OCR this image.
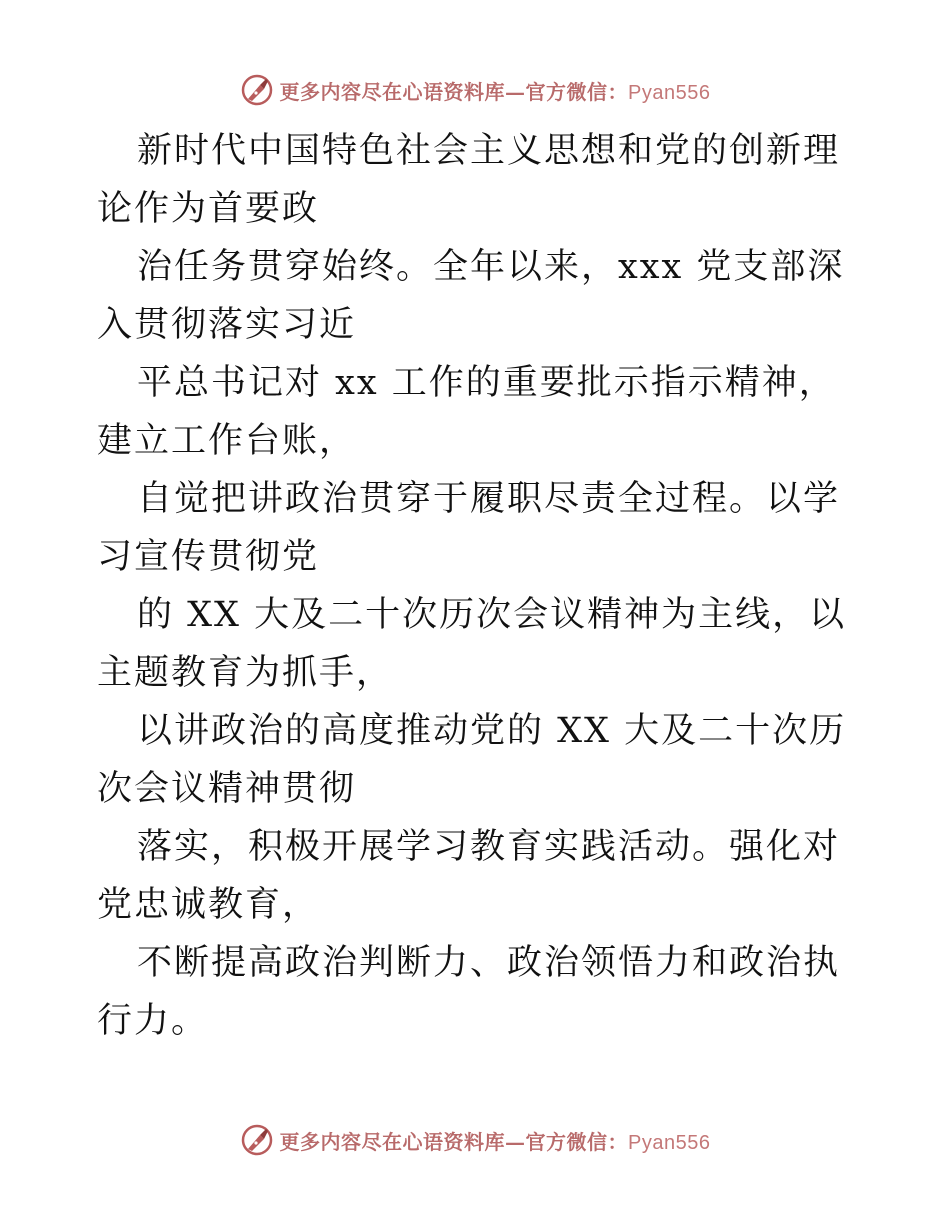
更多内容尽在心语资料库—官方微信：Pyan556

新时代中国特色社会主义思想和党的创新理论作为首要政

治任务贯穿始终。全年以来，xxx 党支部深入贯彻落实习近

平总书记对 xx 工作的重要批示指示精神，建立工作台账，

自觉把讲政治贯穿于履职尽责全过程。以学习宣传贯彻党

的 XX 大及二十次历次会议精神为主线，以主题教育为抓手，

以讲政治的高度推动党的 XX 大及二十次历次会议精神贯彻

落实，积极开展学习教育实践活动。强化对党忠诚教育，

不断提高政治判断力、政治领悟力和政治执行力。

更多内容尽在心语资料库—官方微信：Pyan556
